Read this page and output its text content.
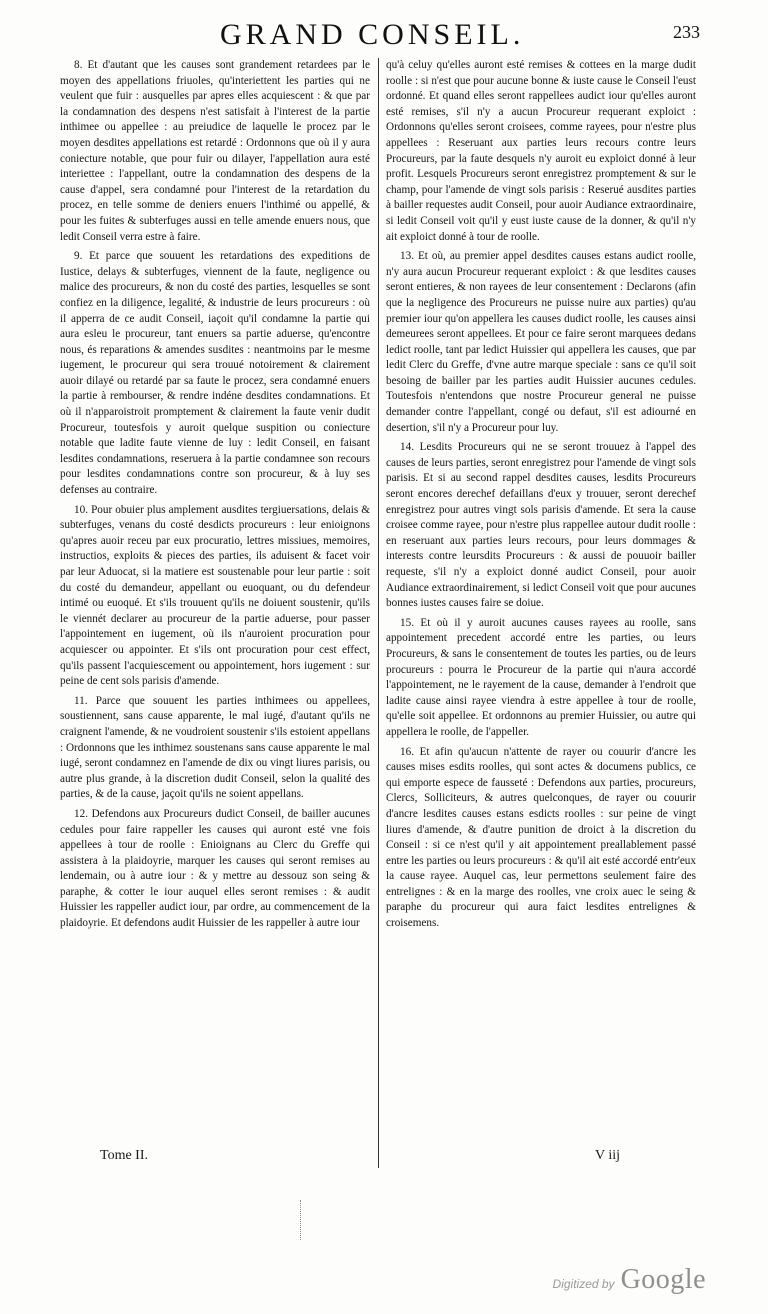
GRAND CONSEIL.	233

8. Et d'autant que les causes sont grandement retardees par le moyen des appellations friuoles, qu'interiettent les parties qui ne veulent que fuir : ausquelles par apres elles acquiescent : & que par la condamnation des despens n'est satisfait à l'interest de la partie inthimee ou appellee : au preiudice de laquelle le procez par le moyen desdites appellations est retardé : Ordonnons que où il y aura coniecture notable, que pour fuir ou dilayer, l'appellation aura esté interiettee : l'appellant, outre la condamnation des despens de la cause d'appel, sera condamné pour l'interest de la retardation du procez, en telle somme de deniers enuers l'inthimé ou appellé, & pour les fuites & subterfuges aussi en telle amende enuers nous, que ledit Conseil verra estre à faire.

9. Et parce que souuent les retardations des expeditions de Iustice, delays & subterfuges, viennent de la faute, negligence ou malice des procureurs, & non du costé des parties, lesquelles se sont confiez en la diligence, legalité, & industrie de leurs procureurs : où il apperra de ce audit Conseil, iaçoit qu'il condamne la partie qui aura esleu le procureur, tant enuers sa partie aduerse, qu'encontre nous, és reparations & amendes susdites : neantmoins par le mesme iugement, le procureur qui sera trouué notoirement & clairement auoir dilayé ou retardé par sa faute le procez, sera condamné enuers la partie à rembourser, & rendre indéne desdites condamnations. Et où il n'apparoistroit promptement & clairement la faute venir dudit Procureur, toutesfois y auroit quelque suspition ou coniecture notable que ladite faute vienne de luy : ledit Conseil, en faisant lesdites condamnations, reseruera à la partie condamnee son recours pour lesdites condamnations contre son procureur, & à luy ses defenses au contraire.

10. Pour obuier plus amplement ausdites tergiuersations, delais & subterfuges, venans du costé desdicts procureurs : leur enioignons qu'apres auoir receu par eux procuratio, lettres missiues, memoires, instructios, exploits & pieces des parties, ils aduisent & facet voir par leur Aduocat, si la matiere est soustenable pour leur partie : soit du costé du demandeur, appellant ou euoquant, ou du defendeur intimé ou euoqué. Et s'ils trouuent qu'ils ne doiuent soustenir, qu'ils le viennét declarer au procureur de la partie aduerse, pour passer l'appointement en iugement, où ils n'auroient procuration pour acquiescer ou appointer. Et s'ils ont procuration pour cest effect, qu'ils passent l'acquiescement ou appointement, hors iugement : sur peine de cent sols parisis d'amende.

11. Parce que souuent les parties inthimees ou appellees, soustiennent, sans cause apparente, le mal iugé, d'autant qu'ils ne craignent l'amende, & ne voudroient soustenir s'ils estoient appellans : Ordonnons que les inthimez soustenans sans cause apparente le mal iugé, seront condamnez en l'amende de dix ou vingt liures parisis, ou autre plus grande, à la discretion dudit Conseil, selon la qualité des parties, & de la cause, jaçoit qu'ils ne soient appellans.

12. Defendons aux Procureurs dudict Conseil, de bailler aucunes cedules pour faire rappeller les causes qui auront esté vne fois appellees à tour de roolle : Enioignans au Clerc du Greffe qui assistera à la plaidoyrie, marquer les causes qui seront remises au lendemain, ou à autre iour : & y mettre au dessouz son seing & paraphe, & cotter le iour auquel elles seront remises : & audit Huissier les rappeller audict iour, par ordre, au commencement de la plaidoyrie. Et defendons audit Huissier de les rappeller à autre iour

qu'à celuy qu'elles auront esté remises & cottees en la marge dudit roolle : si n'est que pour aucune bonne & iuste cause le Conseil l'eust ordonné. Et quand elles seront rappellees audict iour qu'elles auront esté remises, s'il n'y a aucun Procureur requerant exploict : Ordonnons qu'elles seront croisees, comme rayees, pour n'estre plus appellees : Reseruant aux parties leurs recours contre leurs Procureurs, par la faute desquels n'y auroit eu exploict donné à leur profit. Lesquels Procureurs seront enregistrez promptement & sur le champ, pour l'amende de vingt sols parisis : Reserué ausdites parties à bailler requestes audit Conseil, pour auoir Audiance extraordinaire, si ledit Conseil voit qu'il y eust iuste cause de la donner, & qu'il n'y ait exploict donné à tour de roolle.

13. Et où, au premier appel desdites causes estans audict roolle, n'y aura aucun Procureur requerant exploict : & que lesdites causes seront entieres, & non rayees de leur consentement : Declarons (afin que la negligence des Procureurs ne puisse nuire aux parties) qu'au premier iour qu'on appellera les causes dudict roolle, les causes ainsi demeurees seront appellees. Et pour ce faire seront marquees dedans ledict roolle, tant par ledict Huissier qui appellera les causes, que par ledit Clerc du Greffe, d'vne autre marque speciale : sans ce qu'il soit besoing de bailler par les parties audit Huissier aucunes cedules. Toutesfois n'entendons que nostre Procureur general ne puisse demander contre l'appellant, congé ou defaut, s'il est adiourné en desertion, s'il n'y a Procureur pour luy.

14. Lesdits Procureurs qui ne se seront trouuez à l'appel des causes de leurs parties, seront enregistrez pour l'amende de vingt sols parisis. Et si au second rappel desdites causes, lesdits Procureurs seront encores derechef defaillans d'eux y trouuer, seront derechef enregistrez pour autres vingt sols parisis d'amende. Et sera la cause croisee comme rayee, pour n'estre plus rappellee autour dudit roolle : en reseruant aux parties leurs recours, pour leurs dommages & interests contre leursdits Procureurs : & aussi de pouuoir bailler requeste, s'il n'y a exploict donné audict Conseil, pour auoir Audiance extraordinairement, si ledict Conseil voit que pour aucunes bonnes iustes causes faire se doiue.

15. Et où il y auroit aucunes causes rayees au roolle, sans appointement precedent accordé entre les parties, ou leurs Procureurs, & sans le consentement de toutes les parties, ou de leurs procureurs : pourra le Procureur de la partie qui n'aura accordé l'appointement, ne le rayement de la cause, demander à l'endroit que ladite cause ainsi rayee viendra à estre appellee à tour de roolle, qu'elle soit appellee. Et ordonnons au premier Huissier, ou autre qui appellera le roolle, de l'appeller.

16. Et afin qu'aucun n'attente de rayer ou couurir d'ancre les causes mises esdits roolles, qui sont actes & documens publics, ce qui emporte espece de fausseté : Defendons aux parties, procureurs, Clercs, Solliciteurs, & autres quelconques, de rayer ou couurir d'ancre lesdites causes estans esdicts roolles : sur peine de vingt liures d'amende, & d'autre punition de droict à la discretion du Conseil : si ce n'est qu'il y ait appointement preallablement passé entre les parties ou leurs procureurs : & qu'il ait esté accordé entr'eux la cause rayee. Auquel cas, leur permettons seulement faire des entrelignes : & en la marge des roolles, vne croix auec le seing & paraphe du procureur qui aura faict lesdites entrelignes & croisemens.

Tome II.	V iij
Digitized by Google
